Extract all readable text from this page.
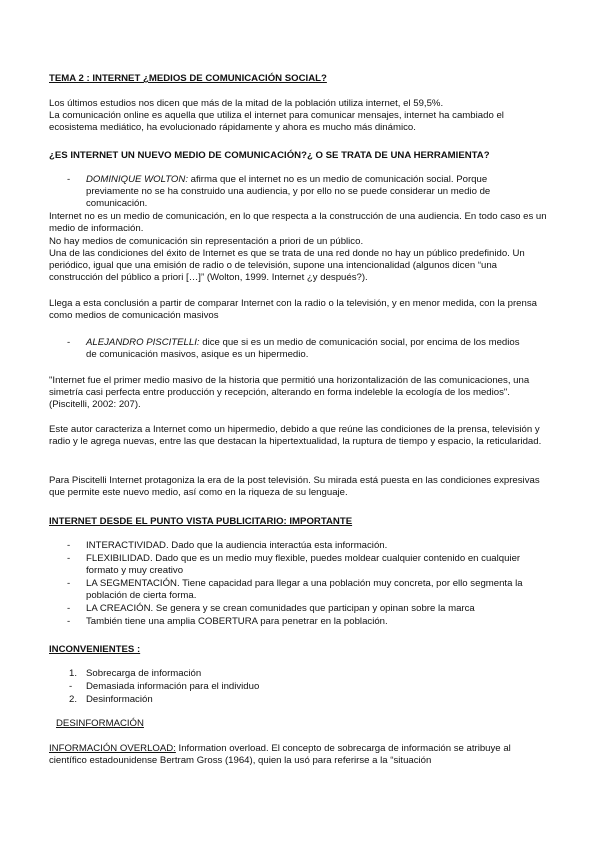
TEMA 2 : INTERNET ¿MEDIOS DE COMUNICACIÓN SOCIAL?

Los últimos estudios nos dicen que más de la mitad de la población utiliza internet, el 59,5%.

La comunicación online es aquella que utiliza el internet para comunicar mensajes, internet ha cambiado el ecosistema mediático, ha evolucionado rápidamente y ahora es mucho más dinámico.

¿ES INTERNET UN NUEVO MEDIO DE COMUNICACIÓN?¿ O SE TRATA DE UNA HERRAMIENTA?
-	DOMINIQUE WOLTON: afirma que el internet no es un medio de comunicación social. Porque previamente no se ha construido una audiencia, y por ello no se puede considerar un medio de comunicación.

Internet no es un medio de comunicación, en lo que respecta a la construcción de una audiencia. En todo caso es un medio de información.

No hay medios de comunicación sin representación a priori de un público.

Una de las condiciones del éxito de Internet es que se trata de una red donde no hay un público predefinido. Un periódico, igual que una emisión de radio o de televisión, supone una intencionalidad (algunos dicen “una construcción del público a priori […]” (Wolton, 1999. Internet ¿y después?).

Llega a esta conclusión a partir de comparar Internet con la radio o la televisión, y en menor medida, con la prensa como medios de comunicación masivos

-	ALEJANDRO PISCITELLI: dice que si es un medio de comunicación social, por encima de los medios de comunicación masivos, asique es un hipermedio.

"Internet fue el primer medio masivo de la historia que permitió una horizontalización de las comunicaciones, una simetría casi perfecta entre producción y recepción, alterando en forma indeleble la ecología de los medios". (Piscitelli, 2002: 207).

Este autor caracteriza a Internet como un hipermedio, debido a que reúne las condiciones de la prensa, televisión y radio y le agrega nuevas, entre las que destacan la hipertextualidad, la ruptura de tiempo y espacio, la reticularidad.

Para Piscitelli Internet protagoniza la era de la post televisión. Su mirada está puesta en las condiciones expresivas que permite este nuevo medio, así como en la riqueza de su lenguaje.

INTERNET DESDE EL PUNTO VISTA PUBLICITARIO: IMPORTANTE
-	INTERACTIVIDAD. Dado que la audiencia interactúa esta información.
-	FLEXIBILIDAD. Dado que es un medio muy flexible, puedes moldear cualquier contenido en cualquier formato y muy creativo
-	LA SEGMENTACIÓN. Tiene capacidad para llegar a una población muy concreta, por ello segmenta la población de cierta forma.
-	LA CREACIÓN. Se genera y se crean comunidades que participan y opinan sobre la marca
-	También tiene una amplia COBERTURA para penetrar en la población.
INCONVENIENTES :
1. Sobrecarga de información
-	Demasiada información para el individuo
2. Desinformación
DESINFORMACIÓN

INFORMACIÓN OVERLOAD: Information overload. El concepto de sobrecarga de información se atribuye al científico estadounidense Bertram Gross (1964), quien la usó para referirse a la “situación
